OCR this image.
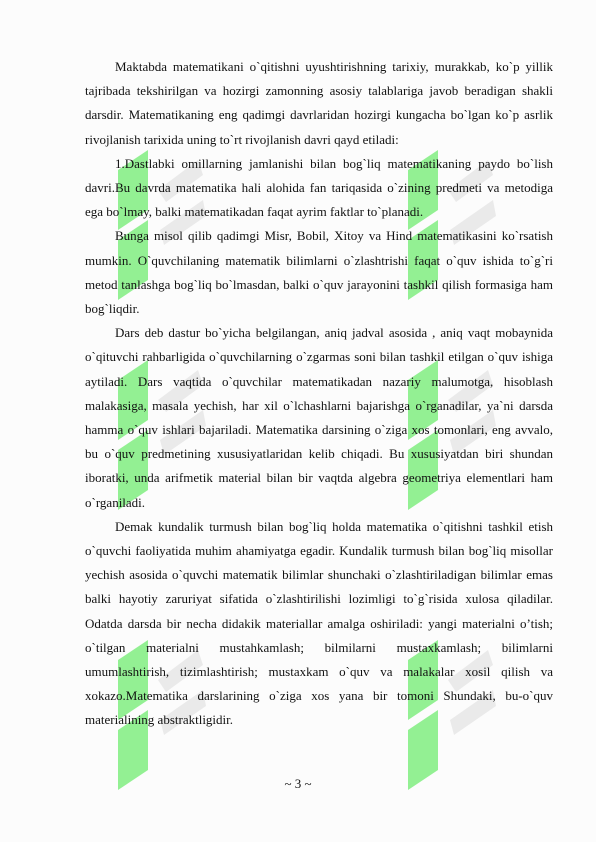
Maktabda matematikani o`qitishni uyushtirishning tarixiy, murakkab, ko`p yillik tajribada tekshirilgan va hozirgi zamonning asosiy talablariga javob beradigan shakli darsdir. Matematikaning eng qadimgi davrlaridan hozirgi kungacha bo`lgan ko`p asrlik rivojlanish tarixida uning to`rt rivojlanish davri qayd etiladi:

1.Dastlabki omillarning jamlanishi bilan bog`liq matematikaning paydo bo`lish davri.Bu davrda matematika hali alohida fan tariqasida o`zining predmeti va metodiga ega bo`lmay, balki matematikadan faqat ayrim faktlar to`planadi.

Bunga misol qilib qadimgi Misr, Bobil, Xitoy va Hind matematikasini ko`rsatish mumkin. O`quvchilaning matematik bilimlarni o`zlashtrishi faqat o`quv ishida to`g`ri metod tanlashga bog`liq bo`lmasdan, balki o`quv jarayonini tashkil qilish formasiga ham bog`liqdir.

Dars deb dastur bo`yicha belgilangan, aniq jadval asosida , aniq vaqt mobaynida o`qituvchi rahbarligida o`quvchilarning o`zgarmas soni bilan tashkil etilgan o`quv ishiga aytiladi. Dars vaqtida o`quvchilar matematikadan nazariy malumotga, hisoblash malakasiga, masala yechish, har xil o`lchashlarni bajarishga o`rganadilar, ya`ni darsda hamma o`quv ishlari bajariladi. Matematika darsining o`ziga xos tomonlari, eng avvalo, bu o`quv predmetining xususiyatlaridan kelib chiqadi. Bu xususiyatdan biri shundan iboratki, unda arifmetik material bilan bir vaqtda algebra geometriya elementlari ham o`rganiladi.

Demak kundalik turmush bilan bog`liq holda matematika o`qitishni tashkil etish o`quvchi faoliyatida muhim ahamiyatga egadir. Kundalik turmush bilan bog`liq misollar yechish asosida o`quvchi matematik bilimlar shunchaki o`zlashtiriladigan bilimlar emas balki hayotiy zaruriyat sifatida o`zlashtirilishi lozimligi to`g`risida xulosa qiladilar. Odatda darsda bir necha didakik materiallar amalga oshiriladi: yangi materialni o’tish; o`tilgan materialni mustahkamlash; bilmilarni mustaxkamlash; bilimlarni umumlashtirish, tizimlashtirish; mustaxkam o`quv va malakalar xosil qilish va xokazo.Matematika darslarining o`ziga xos yana bir tomoni Shundaki, bu-o`quv materialining abstraktligidir.

~ 3 ~
